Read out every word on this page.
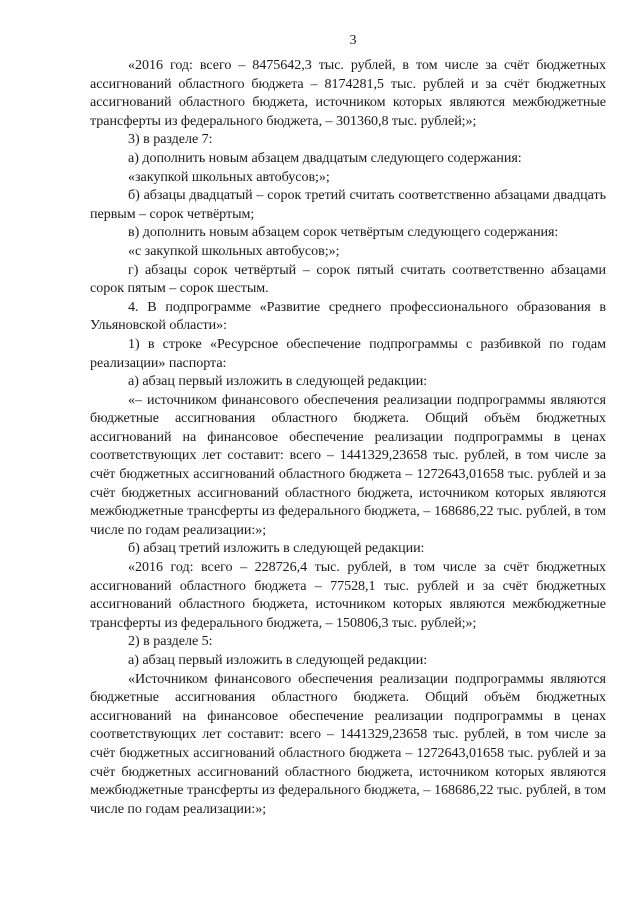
3

«2016 год: всего – 8475642,3 тыс. рублей, в том числе за счёт бюджетных ассигнований областного бюджета – 8174281,5 тыс. рублей и за счёт бюджетных ассигнований областного бюджета, источником которых являются межбюджетные трансферты из федерального бюджета, – 301360,8 тыс. рублей;»;

3) в разделе 7:

а) дополнить новым абзацем двадцатым следующего содержания:

«закупкой школьных автобусов;»;

б) абзацы двадцатый – сорок третий считать соответственно абзацами двадцать первым – сорок четвёртым;

в) дополнить новым абзацем сорок четвёртым следующего содержания:

«с закупкой школьных автобусов;»;

г) абзацы сорок четвёртый – сорок пятый считать соответственно абзацами сорок пятым – сорок шестым.

4. В подпрограмме «Развитие среднего профессионального образования в Ульяновской области»:

1) в строке «Ресурсное обеспечение подпрограммы с разбивкой по годам реализации» паспорта:

а) абзац первый изложить в следующей редакции:

«– источником финансового обеспечения реализации подпрограммы являются бюджетные ассигнования областного бюджета. Общий объём бюджетных ассигнований на финансовое обеспечение реализации подпрограммы в ценах соответствующих лет составит: всего – 1441329,23658 тыс. рублей, в том числе за счёт бюджетных ассигнований областного бюджета – 1272643,01658 тыс. рублей и за счёт бюджетных ассигнований областного бюджета, источником которых являются межбюджетные трансферты из федерального бюджета, – 168686,22 тыс. рублей, в том числе по годам реализации:»;

б) абзац третий изложить в следующей редакции:

«2016 год: всего – 228726,4 тыс. рублей, в том числе за счёт бюджетных ассигнований областного бюджета – 77528,1 тыс. рублей и за счёт бюджетных ассигнований областного бюджета, источником которых являются межбюджетные трансферты из федерального бюджета, – 150806,3 тыс. рублей;»;

2) в разделе 5:

а) абзац первый изложить в следующей редакции:

«Источником финансового обеспечения реализации подпрограммы являются бюджетные ассигнования областного бюджета. Общий объём бюджетных ассигнований на финансовое обеспечение реализации подпрограммы в ценах соответствующих лет составит: всего – 1441329,23658 тыс. рублей, в том числе за счёт бюджетных ассигнований областного бюджета – 1272643,01658 тыс. рублей и за счёт бюджетных ассигнований областного бюджета, источником которых являются межбюджетные трансферты из федерального бюджета, – 168686,22 тыс. рублей, в том числе по годам реализации:»;
